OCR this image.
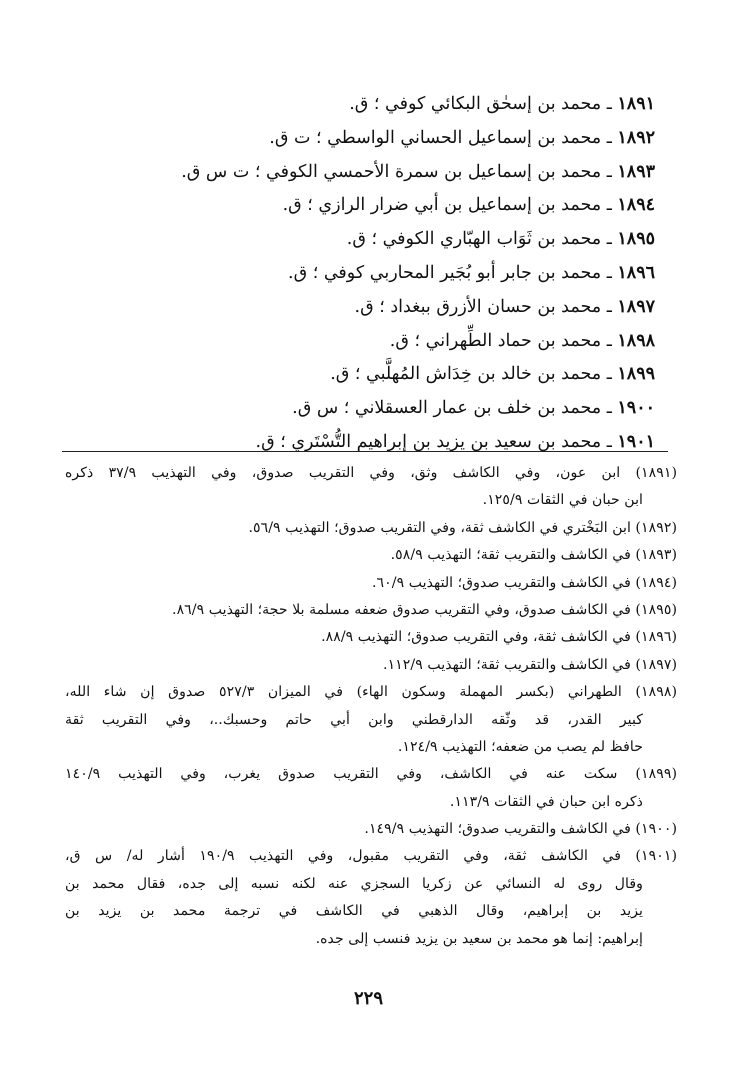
١٨٩١ ـ محمد بن إسحٰق البكائي كوفي ؛ ق.
١٨٩٢ ـ محمد بن إسماعيل الحساني الواسطي ؛ ت ق.
١٨٩٣ ـ محمد بن إسماعيل بن سمرة الأحمسي الكوفي ؛ ت س ق.
١٨٩٤ ـ محمد بن إسماعيل بن أبي ضرار الرازي ؛ ق.
١٨٩٥ ـ محمد بن ثَوَاب الهبّاري الكوفي ؛ ق.
١٨٩٦ ـ محمد بن جابر أبو بُجَير المحاربي كوفي ؛ ق.
١٨٩٧ ـ محمد بن حسان الأزرق ببغداد ؛ ق.
١٨٩٨ ـ محمد بن حماد الطِّهراني ؛ ق.
١٨٩٩ ـ محمد بن خالد بن خِدَاش المُهلَّبي ؛ ق.
١٩٠٠ ـ محمد بن خلف بن عمار العسقلاني ؛ س ق.
١٩٠١ ـ محمد بن سعيد بن يزيد بن إبراهيم التُّسْتَري ؛ ق.
(١٨٩١) ابن عون، وفي الكاشف وثق، وفي التقريب صدوق، وفي التهذيب ٣٧/٩ ذكره
ابن حبان في الثقات ١٢٥/٩.
(١٨٩٢) ابن البَخْتري في الكاشف ثقة، وفي التقريب صدوق؛ التهذيب ٥٦/٩.
(١٨٩٣) في الكاشف والتقريب ثقة؛ التهذيب ٥٨/٩.
(١٨٩٤) في الكاشف والتقريب صدوق؛ التهذيب ٦٠/٩.
(١٨٩٥) في الكاشف صدوق، وفي التقريب صدوق ضعفه مسلمة بلا حجة؛ التهذيب ٨٦/٩.
(١٨٩٦) في الكاشف ثقة، وفي التقريب صدوق؛ التهذيب ٨٨/٩.
(١٨٩٧) في الكاشف والتقريب ثقة؛ التهذيب ١١٢/٩.
(١٨٩٨) الطهراني (بكسر المهملة وسكون الهاء) في الميزان ٥٢٧/٣ صدوق إن شاء الله،
كبير القدر، قد وثّقه الدارقطني وابن أبي حاتم وحسبك..، وفي التقريب ثقة
حافظ لم يصب من ضعفه؛ التهذيب ١٢٤/٩.
(١٨٩٩) سكت عنه في الكاشف، وفي التقريب صدوق يغرب، وفي التهذيب ١٤٠/٩
ذكره ابن حبان في الثقات ١١٣/٩.
(١٩٠٠) في الكاشف والتقريب صدوق؛ التهذيب ١٤٩/٩.
(١٩٠١) في الكاشف ثقة، وفي التقريب مقبول، وفي التهذيب ١٩٠/٩ أشار له/ س ق،
وقال روى له النسائي عن زكريا السجزي عنه لكنه نسبه إلى جده، فقال محمد بن
يزيد بن إبراهيم، وقال الذهبي في الكاشف في ترجمة محمد بن يزيد بن
إبراهيم: إنما هو محمد بن سعيد بن يزيد فنسب إلى جده.
٢٢٩
